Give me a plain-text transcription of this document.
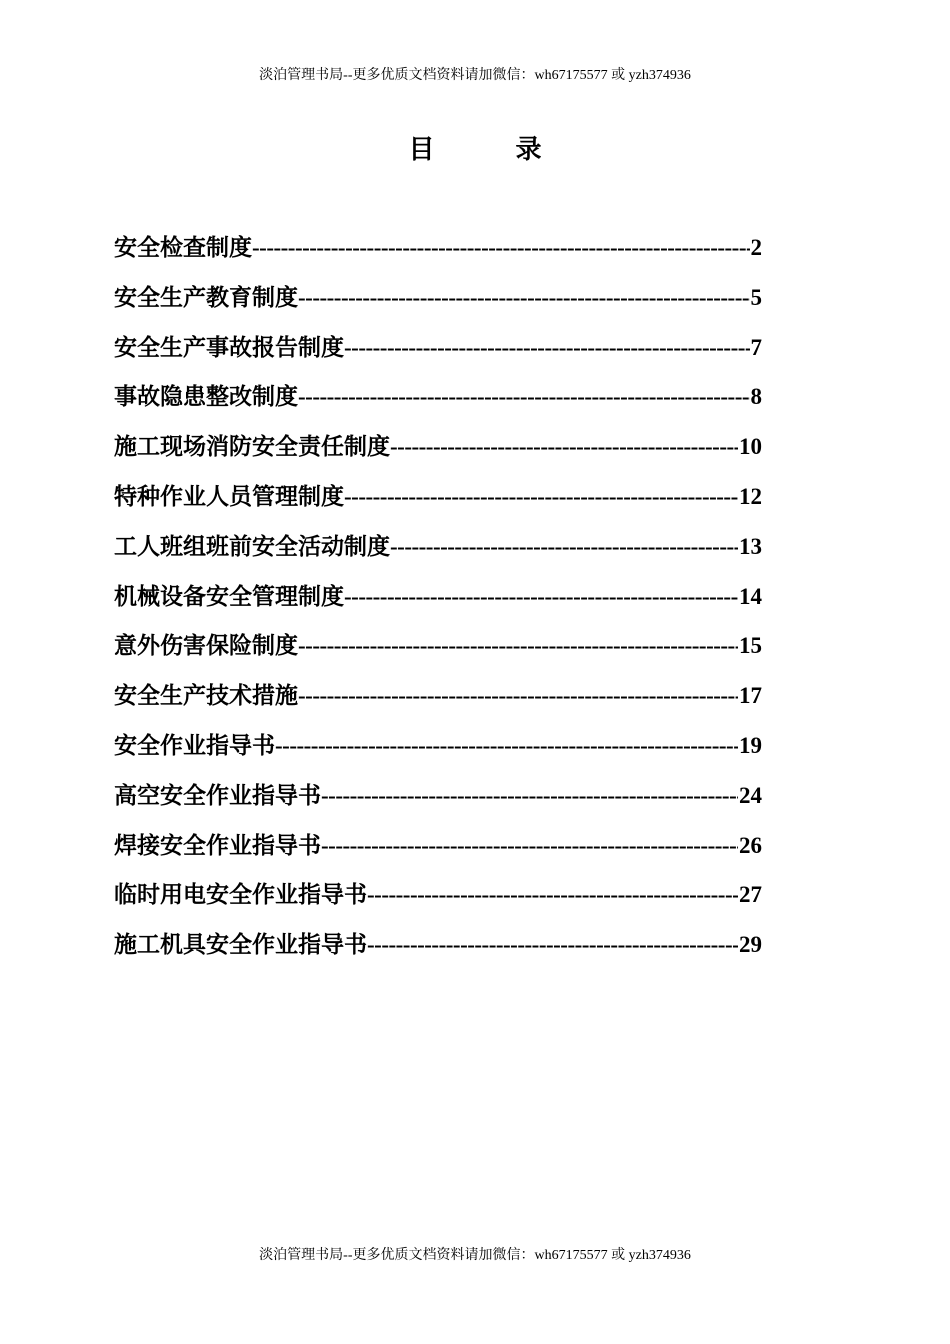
淡泊管理书局--更多优质文档资料请加微信：wh67175577 或 yzh374936
目 录
安全检查制度 -----	2
安全生产教育制度 -----	5
安全生产事故报告制度 -----	7
事故隐患整改制度 -----	8
施工现场消防安全责任制度 -----	10
特种作业人员管理制度 -----	12
工人班组班前安全活动制度 -----	13
机械设备安全管理制度 -----	14
意外伤害保险制度 -----	15
安全生产技术措施 -----	17
安全作业指导书 -----	19
高空安全作业指导书 -----	24
焊接安全作业指导书 -----	26
临时用电安全作业指导书 -----	27
施工机具安全作业指导书 -----	29
淡泊管理书局--更多优质文档资料请加微信：wh67175577 或 yzh374936
